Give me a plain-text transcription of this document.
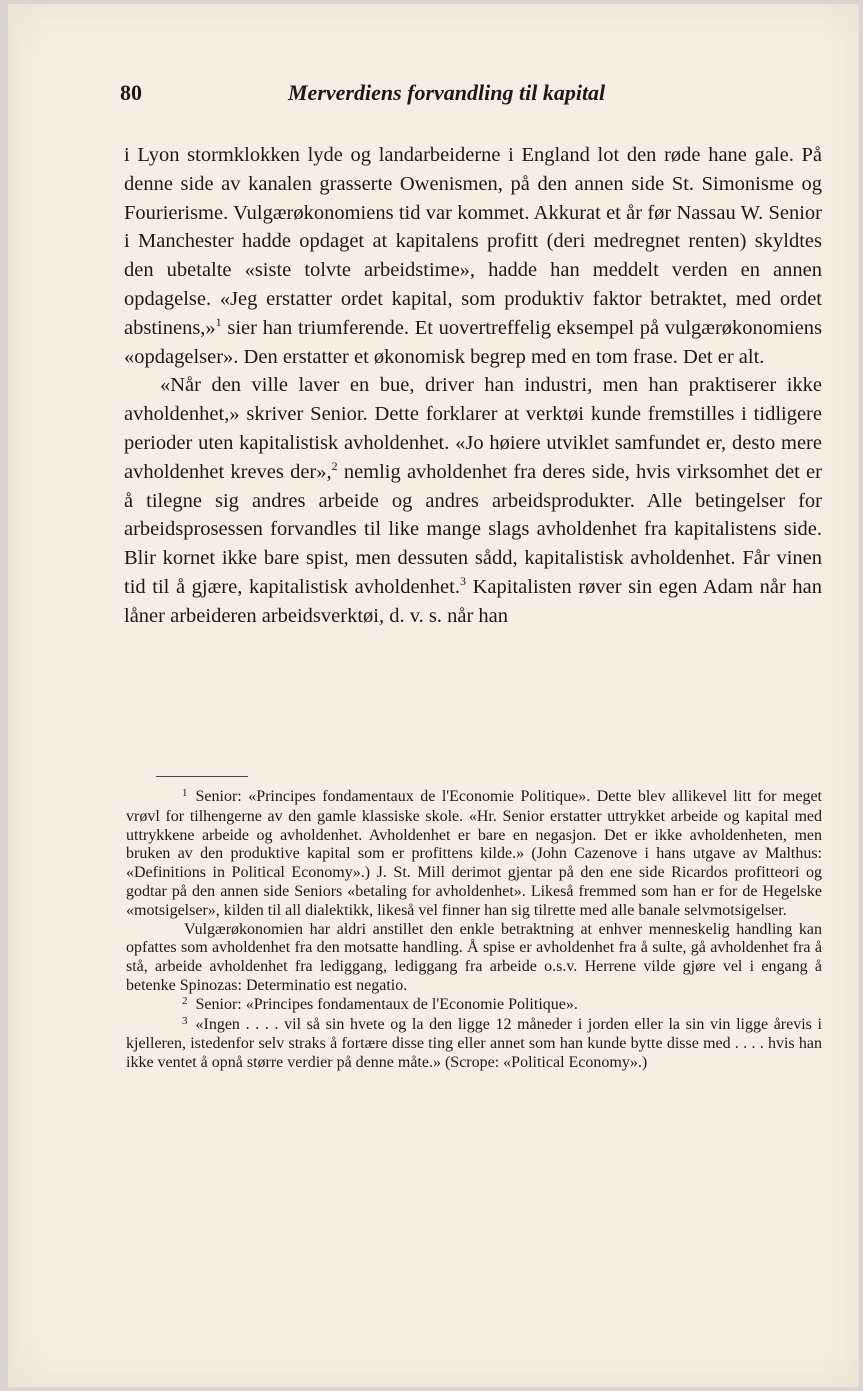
80	Merverdiens forvandling til kapital

i Lyon stormklokken lyde og landarbeiderne i England lot den røde hane gale. På denne side av kanalen grasserte Owenismen, på den annen side St. Simonisme og Fourierisme. Vulgærøkonomiens tid var kommet. Akkurat et år før Nassau W. Senior i Manchester hadde opdaget at kapitalens profitt (deri medregnet renten) skyldtes den ubetalte «siste tolvte arbeidstime», hadde han meddelt verden en annen opdagelse. «Jeg erstatter ordet kapital, som produktiv faktor betraktet, med ordet abstinens,»$^1$ sier han triumferende. Et uovertreffelig eksempel på vulgærøkonomiens «opdagelser». Den erstatter et økonomisk begrep med en tom frase. Det er alt.

«Når den ville laver en bue, driver han industri, men han praktiserer ikke avholdenhet,» skriver Senior. Dette forklarer at verktøi kunde fremstilles i tidligere perioder uten kapitalistisk avholdenhet. «Jo høiere utviklet samfundet er, desto mere avholdenhet kreves der»,$^2$ nemlig avholdenhet fra deres side, hvis virksomhet det er å tilegne sig andres arbeide og andres arbeidsprodukter. Alle betingelser for arbeidsprosessen forvandles til like mange slags avholdenhet fra kapitalistens side. Blir kornet ikke bare spist, men dessuten sådd, kapitalistisk avholdenhet. Får vinen tid til å gjære, kapitalistisk avholdenhet.$^3$ Kapitalisten røver sin egen Adam når han låner arbeideren arbeidsverktøi, d. v. s. når han

$^1$ Senior: «Principes fondamentaux de l'Economie Politique». Dette blev allikevel litt for meget vrøvl for tilhengerne av den gamle klassiske skole. «Hr. Senior erstatter uttrykket arbeide og kapital med uttrykkene arbeide og avholdenhet. Avholdenhet er bare en negasjon. Det er ikke avholdenheten, men bruken av den produktive kapital som er profittens kilde.» (John Cazenove i hans utgave av Malthus: «Definitions in Political Economy».) J. St. Mill derimot gjentar på den ene side Ricardos profitteori og godtar på den annen side Seniors «betaling for avholdenhet». Likeså fremmed som han er for de Hegelske «motsigelser», kilden til all dialektikk, likeså vel finner han sig tilrette med alle banale selvmotsigelser.

Vulgærøkonomien har aldri anstillet den enkle betraktning at enhver menneskelig handling kan opfattes som avholdenhet fra den motsatte handling. Å spise er avholdenhet fra å sulte, gå avholdenhet fra å stå, arbeide avholdenhet fra lediggang, lediggang fra arbeide o.s.v. Herrene vilde gjøre vel i engang å betenke Spinozas: Determinatio est negatio.

$^2$ Senior: «Principes fondamentaux de l'Economie Politique».

$^3$ «Ingen . . . . vil så sin hvete og la den ligge 12 måneder i jorden eller la sin vin ligge årevis i kjelleren, istedenfor selv straks å fortære disse ting eller annet som han kunde bytte disse med . . . . hvis han ikke ventet å opnå større verdier på denne måte.» (Scrope: «Political Economy».)
